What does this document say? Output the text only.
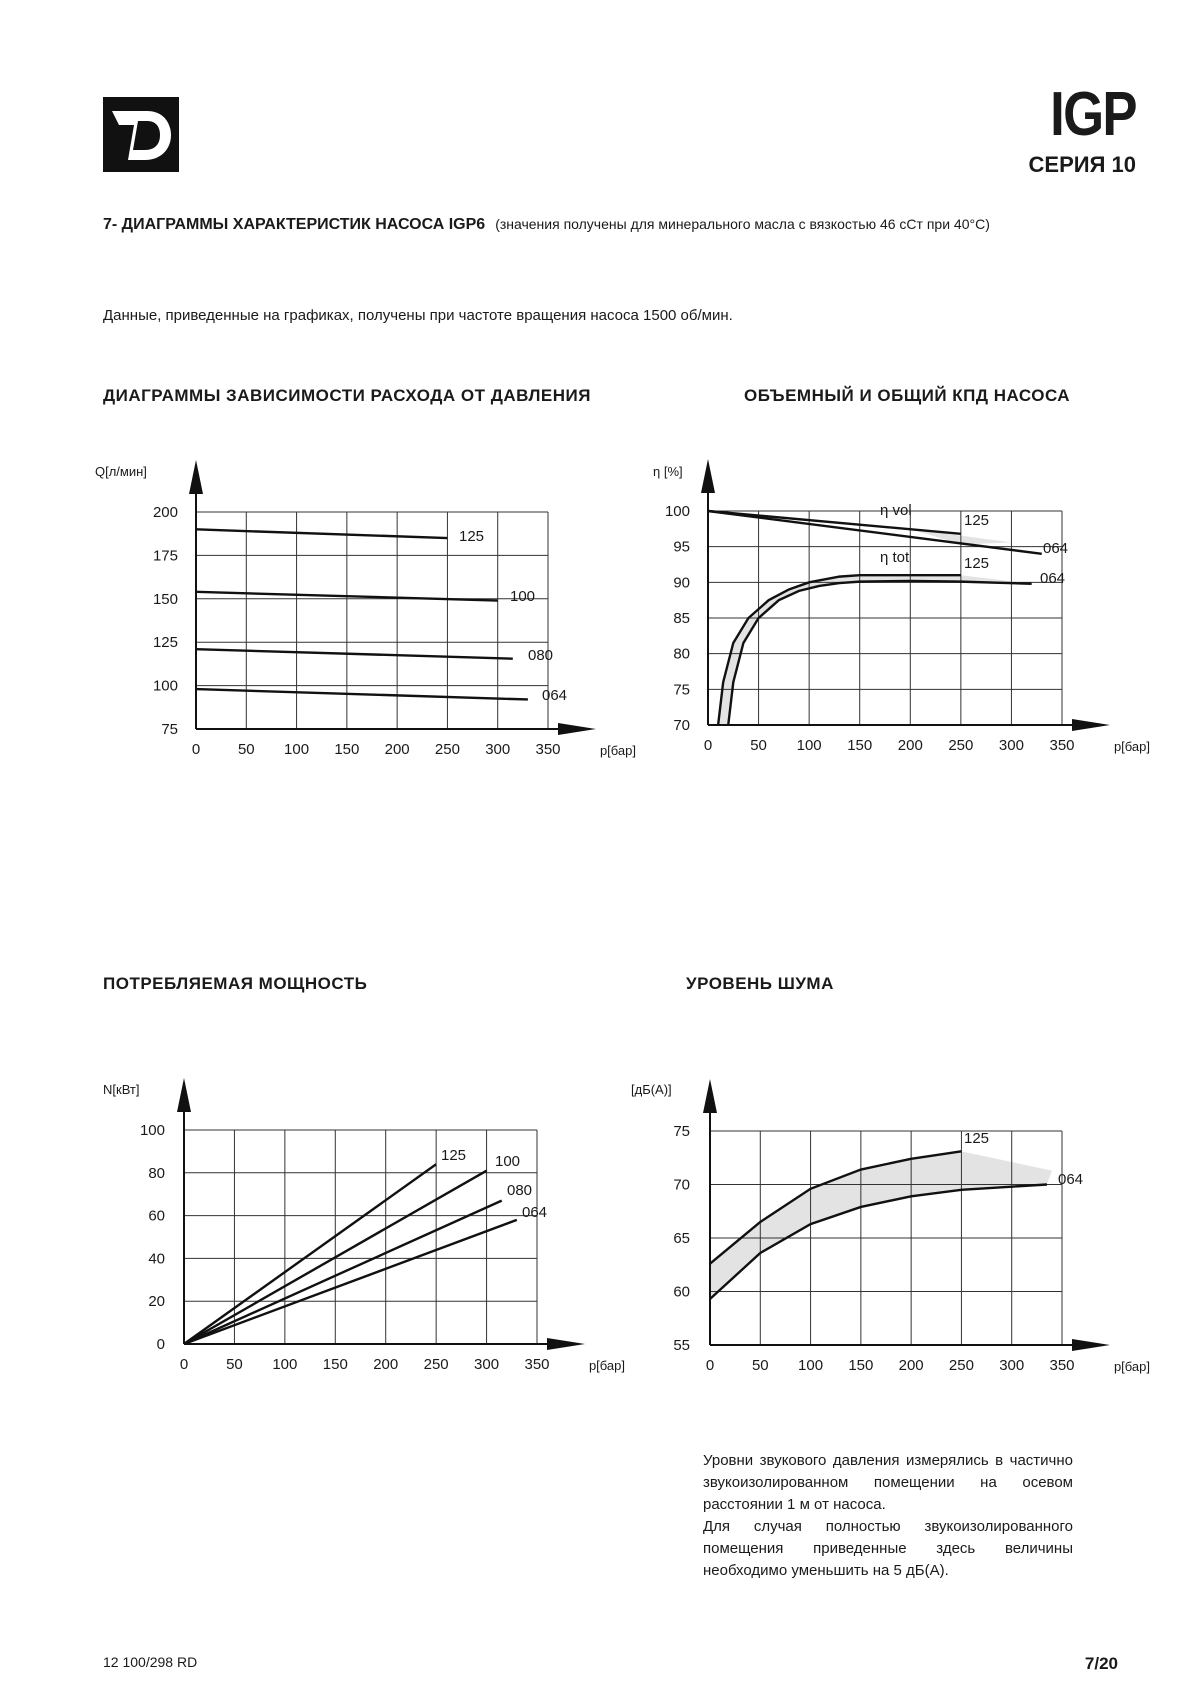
IGP
СЕРИЯ 10
7- ДИАГРАММЫ ХАРАКТЕРИСТИК НАСОСА IGP6 (значения получены для минерального масла с вязкостью 46 сСт при 40°С)
Данные, приведенные на графиках, получены при частоте вращения насоса 1500 об/мин.
ДИАГРАММЫ ЗАВИСИМОСТИ РАСХОДА ОТ ДАВЛЕНИЯ	ОБЪЕМНЫЙ И ОБЩИЙ КПД НАСОСА
ПОТРЕБЛЯЕМАЯ МОЩНОСТЬ	УРОВЕНЬ ШУМА
0	50 100 150 200 250 300 350
75
100
125
150
175
200
p[бар]
Q[л/мин]
125
100
080
064
0	50 100 150 200 250 300 350
70
75
80
85
90
95
100
p[бар]
η [%]
125
064
125
064
η vol
η tot
0	50 100 150 200 250 300 350
0
20
40
60
80
100
p[бар]
N[кВт]
125 100
080
064
0	50 100 150 200 250 300 350
55
60
65
70
75
p[бар]
[дБ(А)]
125
064

Уровни звукового давления измерялись в частично звукоизолированном помещении на осевом расстоянии 1 м от насоса.

Для случая полностью звукоизолированного помещения приведенные здесь величины необходимо уменьшить на 5 дБ(А).

12 100/298 RD	7/20
